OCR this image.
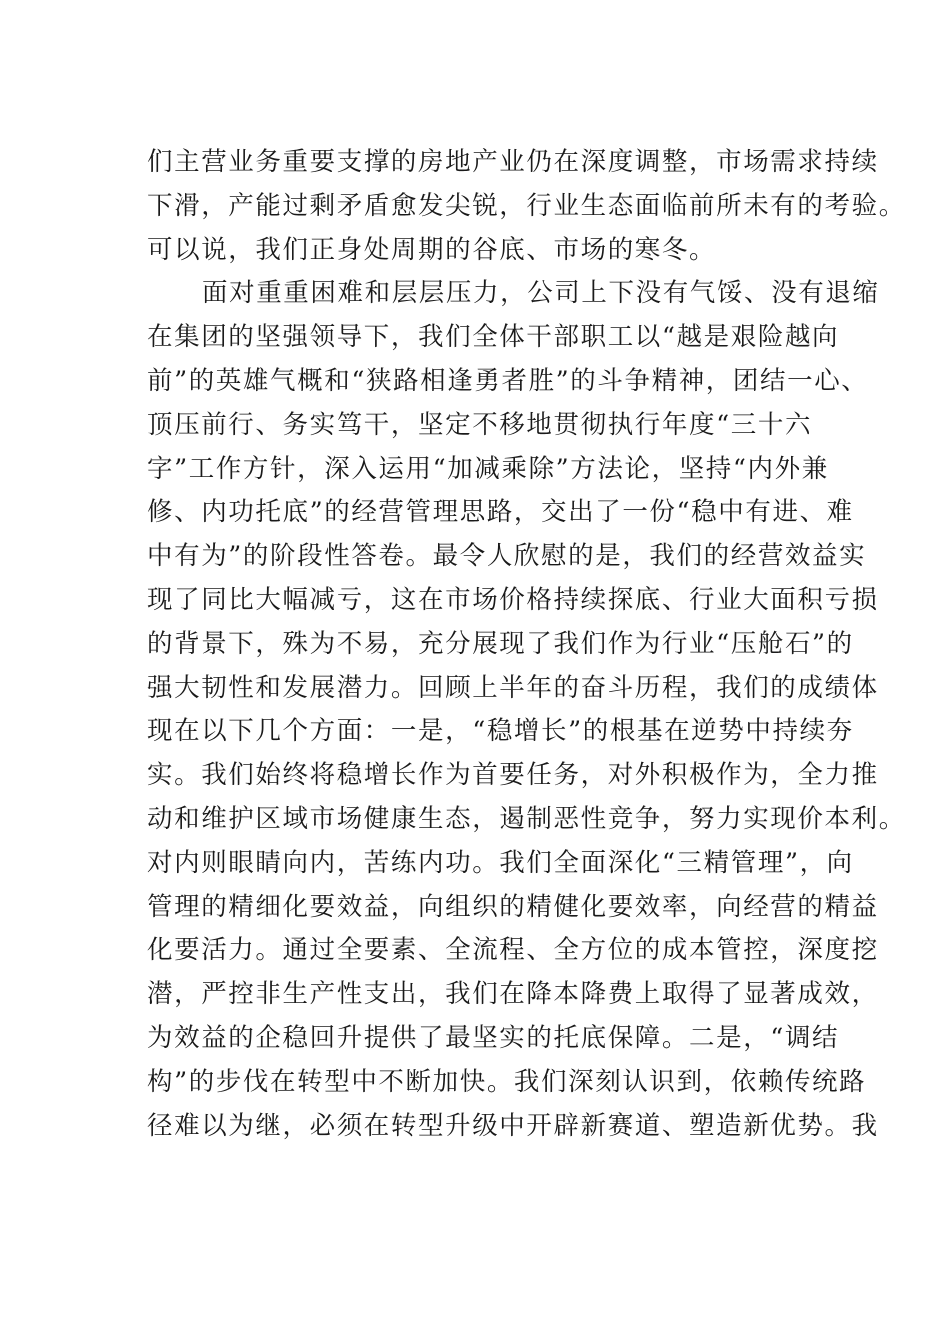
们主营业务重要支撑的房地产业仍在深度调整，市场需求持续
下滑，产能过剩矛盾愈发尖锐，行业生态面临前所未有的考验。
可以说，我们正身处周期的谷底、市场的寒冬。
面对重重困难和层层压力，公司上下没有气馁、没有退缩
在集团的坚强领导下，我们全体干部职工以“越是艰险越向
前”的英雄气概和“狭路相逢勇者胜”的斗争精神，团结一心、
顶压前行、务实笃干，坚定不移地贯彻执行年度“三十六
字”工作方针，深入运用“加减乘除”方法论，坚持“内外兼
修、内功托底”的经营管理思路，交出了一份“稳中有进、难
中有为”的阶段性答卷。最令人欣慰的是，我们的经营效益实
现了同比大幅减亏，这在市场价格持续探底、行业大面积亏损
的背景下，殊为不易，充分展现了我们作为行业“压舱石”的
强大韧性和发展潜力。回顾上半年的奋斗历程，我们的成绩体
现在以下几个方面：一是，“稳增长”的根基在逆势中持续夯
实。我们始终将稳增长作为首要任务，对外积极作为，全力推
动和维护区域市场健康生态，遏制恶性竞争，努力实现价本利。
对内则眼睛向内，苦练内功。我们全面深化“三精管理”，向
管理的精细化要效益，向组织的精健化要效率，向经营的精益
化要活力。通过全要素、全流程、全方位的成本管控，深度挖
潜，严控非生产性支出，我们在降本降费上取得了显著成效，
为效益的企稳回升提供了最坚实的托底保障。二是，“调结
构”的步伐在转型中不断加快。我们深刻认识到，依赖传统路
径难以为继，必须在转型升级中开辟新赛道、塑造新优势。我
